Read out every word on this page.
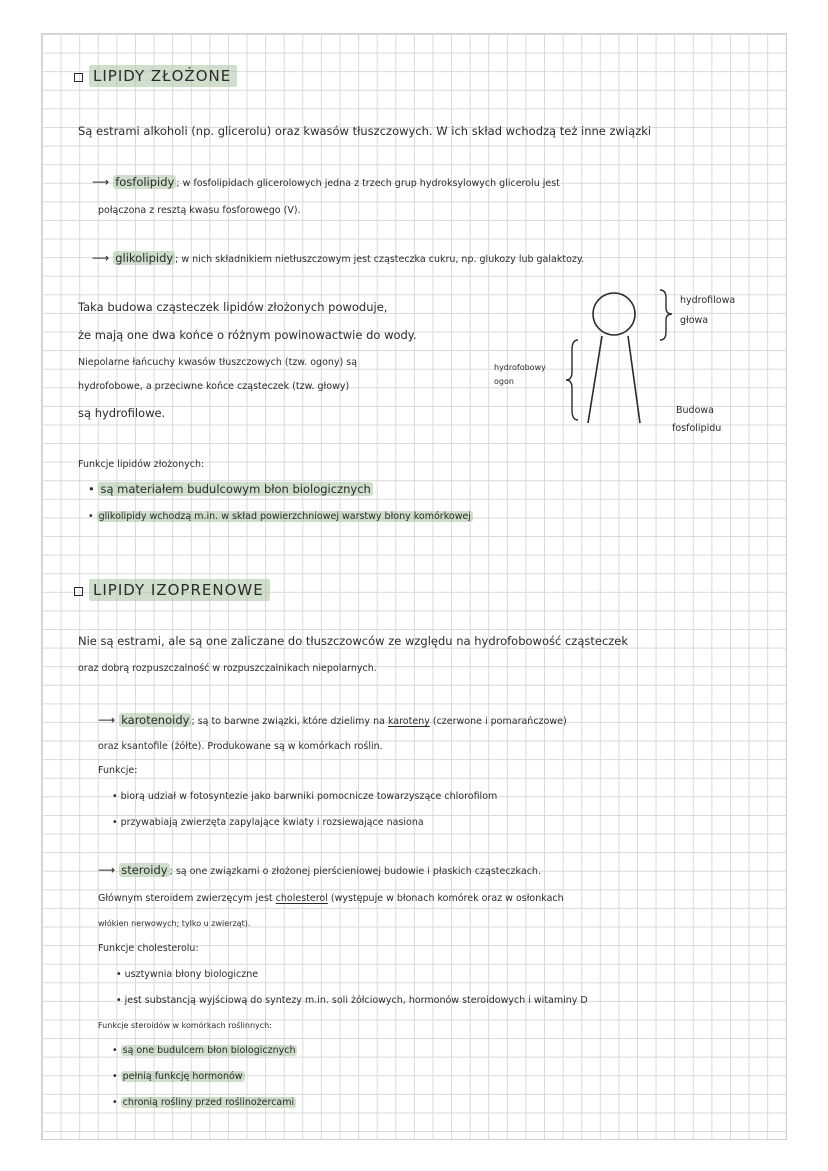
LIPIDY ZŁOŻONE
Są estrami alkoholi (np. glicerolu) oraz kwasów tłuszczowych. W ich skład wchodzą też inne związki
⟶ fosfolipidy ; w fosfolipidach glicerolowych jedna z trzech grup hydroksylowych glicerolu jest
połączona z resztą kwasu fosforowego (V).
⟶ glikolipidy ; w nich składnikiem nietłuszczowym jest cząsteczka cukru, np. glukozy lub galaktozy.
Taka budowa cząsteczek lipidów złożonych powoduje,
że mają one dwa końce o różnym powinowactwie do wody.
Niepolarne łańcuchy kwasów tłuszczowych (tzw. ogony) są
hydrofobowe, a przeciwne końce cząsteczek (tzw. głowy)
są hydrofilowe.
hydrofilowa
głowa
hydrofobowy
ogon
Budowa
fosfolipidu
Funkcje lipidów złożonych:
• są materiałem budulcowym błon biologicznych
• glikolipidy wchodzą m.in. w skład powierzchniowej warstwy błony komórkowej
LIPIDY IZOPRENOWE
Nie są estrami, ale są one zaliczane do tłuszczowców ze względu na hydrofobowość cząsteczek
oraz dobrą rozpuszczalność w rozpuszczalnikach niepolarnych.
⟶ karotenoidy ; są to barwne związki, które dzielimy na karoteny (czerwone i pomarańczowe)
oraz ksantofile (żółte). Produkowane są w komórkach roślin.
Funkcje:
• biorą udział w fotosyntezie jako barwniki pomocnicze towarzyszące chlorofilom
• przywabiają zwierzęta zapylające kwiaty i rozsiewające nasiona
⟶ steroidy ; są one związkami o złożonej pierścieniowej budowie i płaskich cząsteczkach.
Głównym steroidem zwierzęcym jest cholesterol (występuje w błonach komórek oraz w osłonkach
włókien nerwowych; tylko u zwierząt).
Funkcje cholesterolu:
• usztywnia błony biologiczne
• jest substancją wyjściową do syntezy m.in. soli żółciowych, hormonów steroidowych i witaminy D
Funkcje steroidów w komórkach roślinnych:
• są one budulcem błon biologicznych
• pełnią funkcję hormonów
• chronią rośliny przed roślinożercami
